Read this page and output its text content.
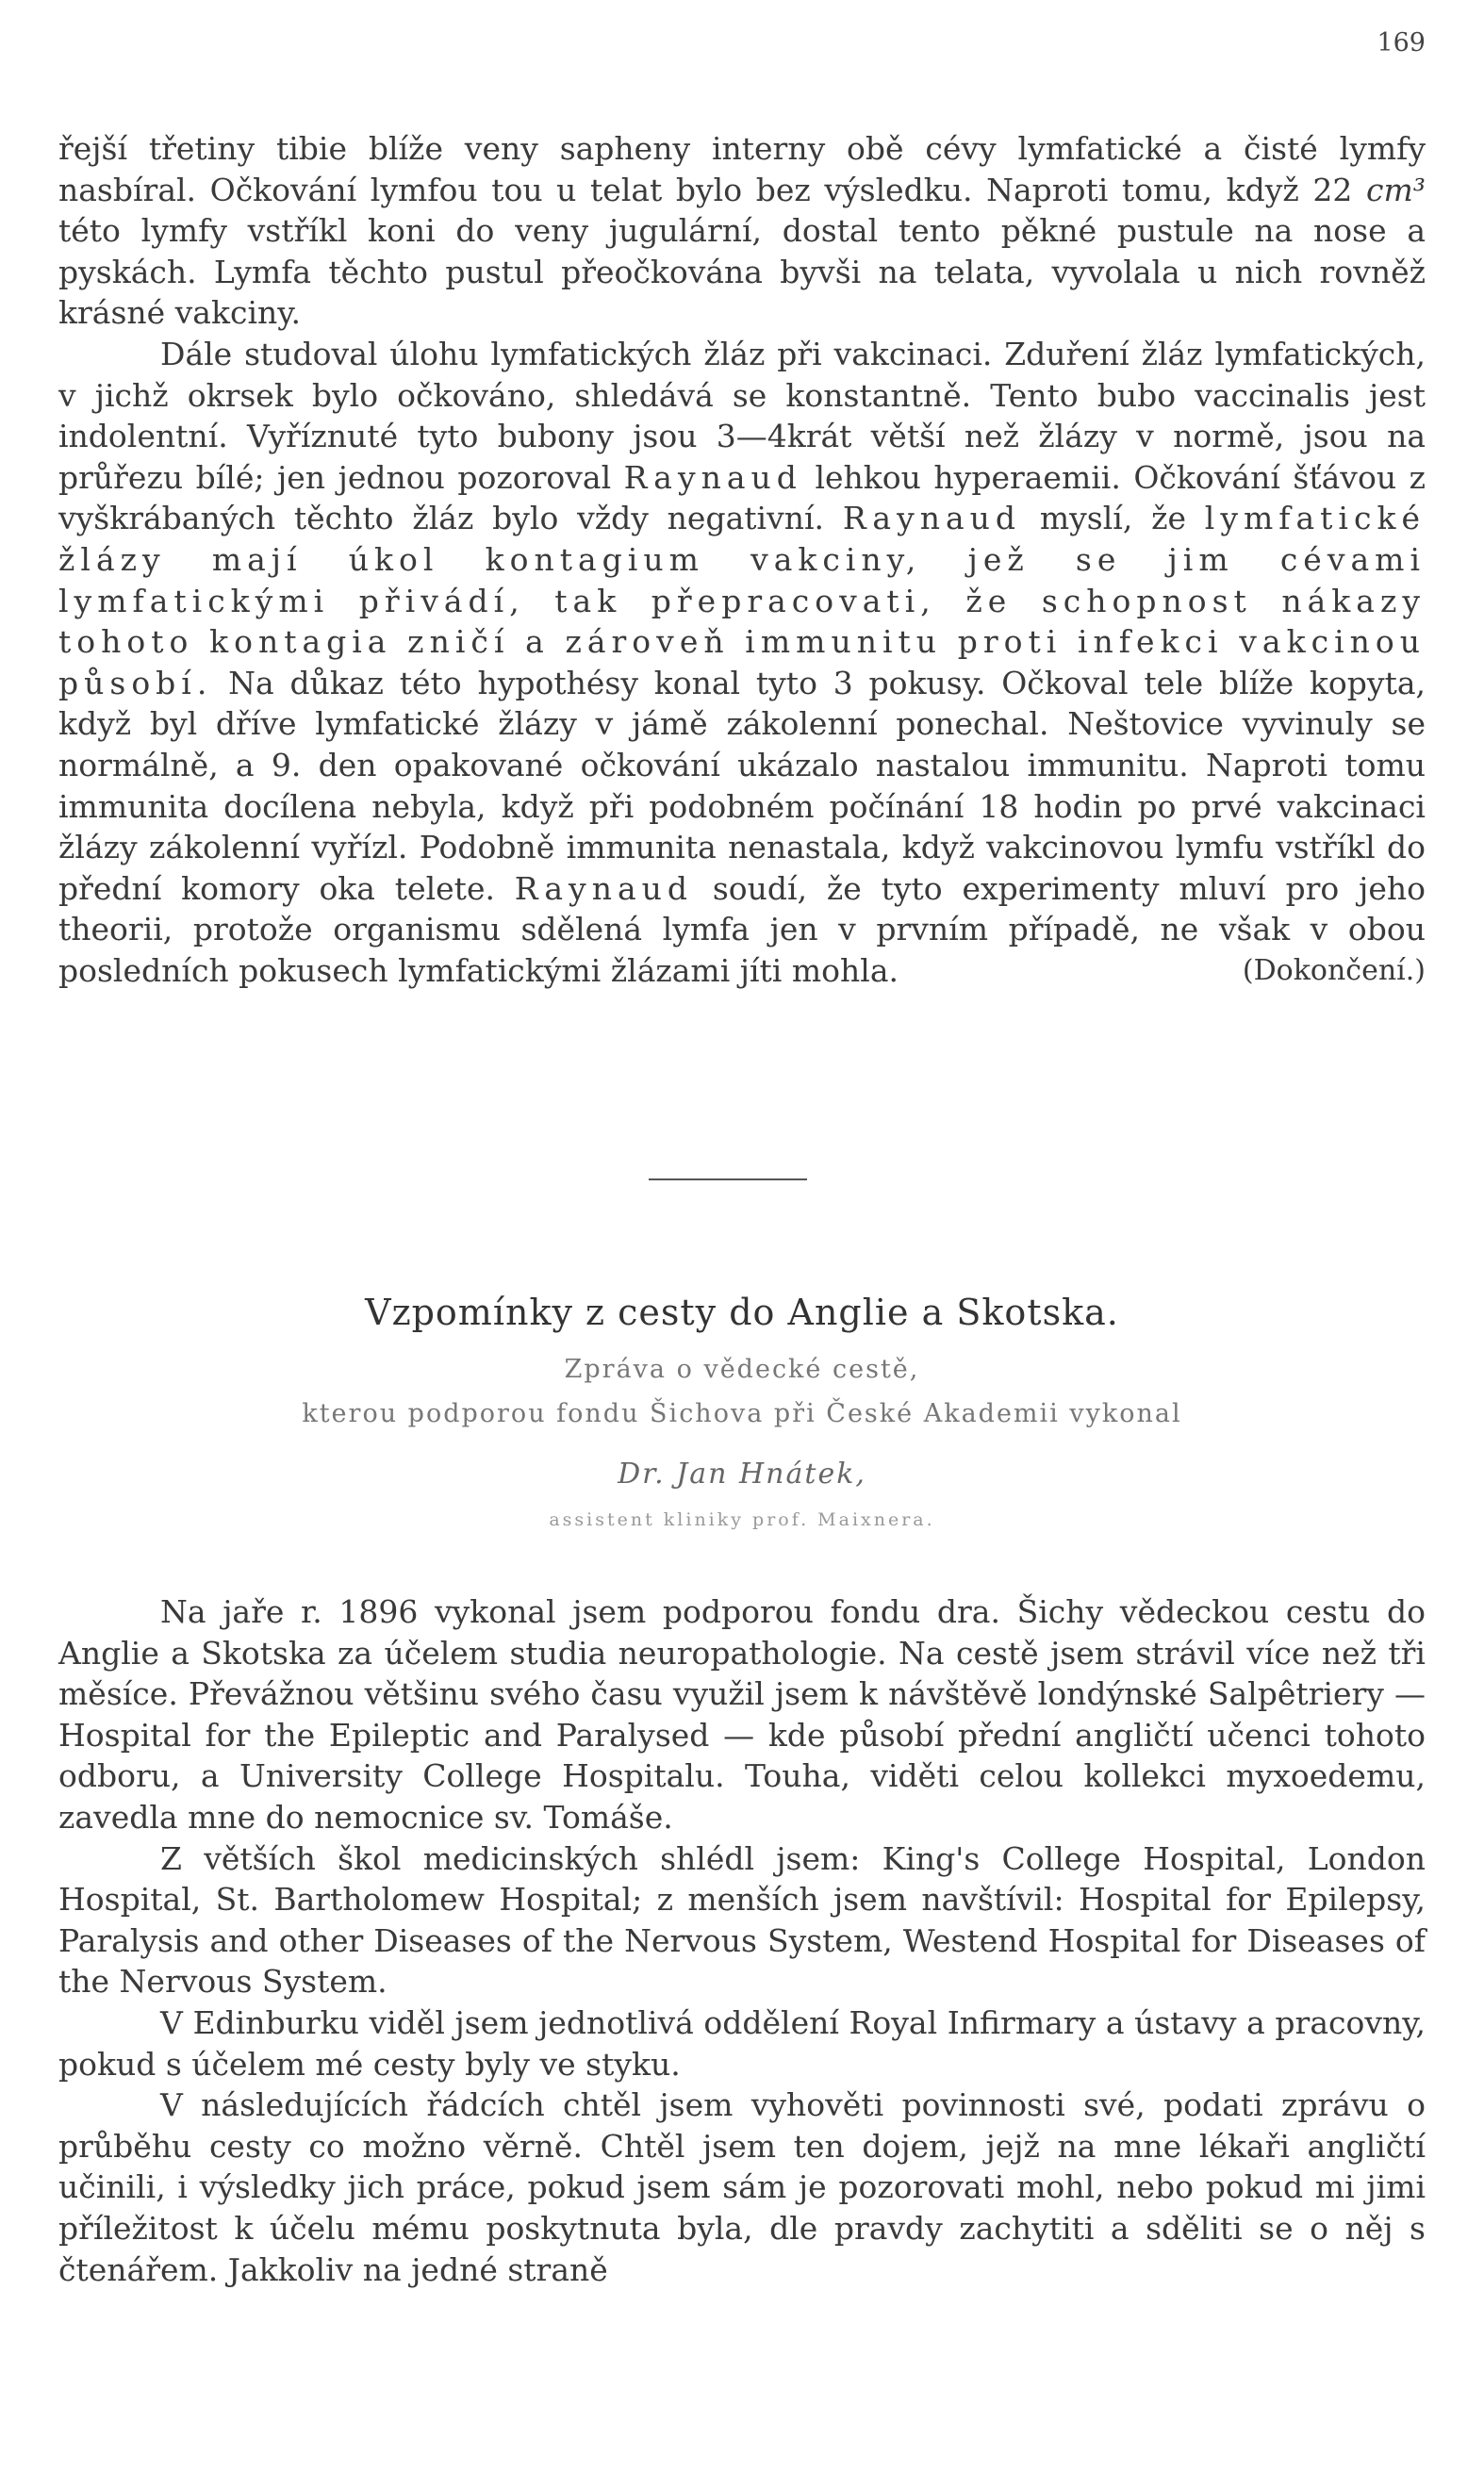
169

řejší třetiny tibie blíže veny sapheny interny obě cévy lymfatické a čisté lymfy nasbíral. Očkování lymfou tou u telat bylo bez výsledku. Naproti tomu, když 22 cm³ této lymfy vstříkl koni do veny jugulární, dostal tento pěkné pustule na nose a pyskách. Lymfa těchto pustul přeočkována byvši na telata, vyvolala u nich rovněž krásné vakciny.

Dále studoval úlohu lymfatických žláz při vakcinaci. Zduření žláz lymfatických, v jichž okrsek bylo očkováno, shledává se konstantně. Tento bubo vaccinalis jest indolentní. Vyříznuté tyto bubony jsou 3—4krát větší než žlázy v normě, jsou na průřezu bílé; jen jednou pozoroval Raynaud lehkou hyperaemii. Očkování šťávou z vyškrábaných těchto žláz bylo vždy negativní. Raynaud myslí, že lymfatické žlázy mají úkol kontagium vakciny, jež se jim cévami lymfatickými přivádí, tak přepracovati, že schopnost nákazy tohoto kontagia zničí a zároveň immunitu proti infekci vakcinou působí. Na důkaz této hypothésy konal tyto 3 pokusy. Očkoval tele blíže kopyta, když byl dříve lymfatické žlázy v jámě zákolenní ponechal. Neštovice vyvinuly se normálně, a 9. den opakované očkování ukázalo nastalou immunitu. Naproti tomu immunita docílena nebyla, když při podobném počínání 18 hodin po prvé vakcinaci žlázy zákolenní vyřízl. Podobně immunita nenastala, když vakcinovou lymfu vstříkl do přední komory oka telete. Raynaud soudí, že tyto experimenty mluví pro jeho theorii, protože organismu sdělená lymfa jen v prvním případě, ne však v obou posledních pokusech lymfatickými žlázami jíti mohla.	(Dokončení.)

Vzpomínky z cesty do Anglie a Skotska.
Zpráva o vědecké cestě,
kterou podporou fondu Šichova při České Akademii vykonal
Dr. Jan Hnátek,
assistent kliniky prof. Maixnera.

Na jaře r. 1896 vykonal jsem podporou fondu dra. Šichy vědeckou cestu do Anglie a Skotska za účelem studia neuropathologie. Na cestě jsem strávil více než tři měsíce. Převážnou většinu svého času využil jsem k návštěvě londýnské Salpêtriery — Hospital for the Epileptic and Paralysed — kde působí přední angličtí učenci tohoto odboru, a University College Hospitalu. Touha, viděti celou kollekci myxoedemu, zavedla mne do nemocnice sv. Tomáše.

Z větších škol medicinských shlédl jsem: King's College Hospital, London Hospital, St. Bartholomew Hospital; z menších jsem navštívil: Hospital for Epilepsy, Paralysis and other Diseases of the Nervous System, Westend Hospital for Diseases of the Nervous System.

V Edinburku viděl jsem jednotlivá oddělení Royal Infirmary a ústavy a pracovny, pokud s účelem mé cesty byly ve styku.

V následujících řádcích chtěl jsem vyhověti povinnosti své, podati zprávu o průběhu cesty co možno věrně. Chtěl jsem ten dojem, jejž na mne lékaři angličtí učinili, i výsledky jich práce, pokud jsem sám je pozorovati mohl, nebo pokud mi jimi příležitost k účelu mému poskytnuta byla, dle pravdy zachytiti a sděliti se o něj s čtenářem. Jakkoliv na jedné straně
